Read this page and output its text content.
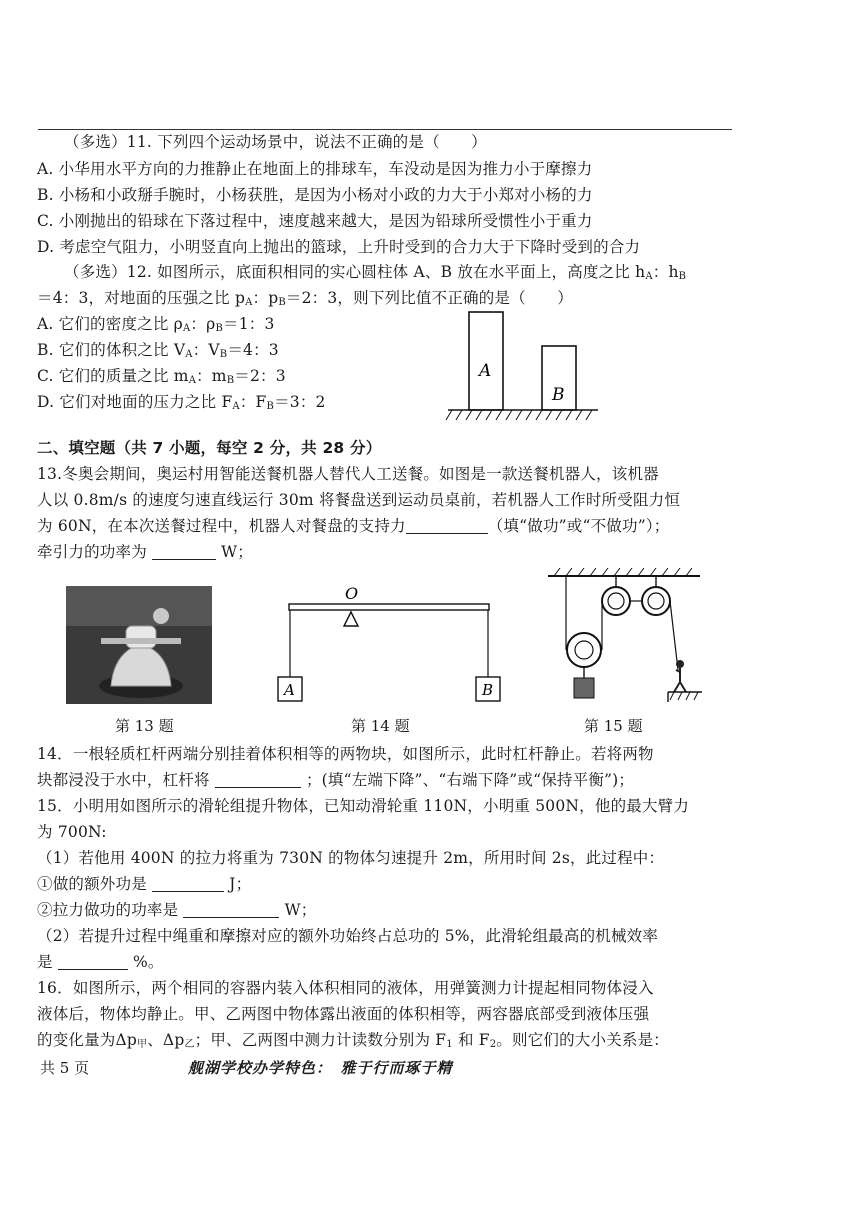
（多选）11. 下列四个运动场景中，说法不正确的是（　　）
A. 小华用水平方向的力推静止在地面上的排球车，车没动是因为推力小于摩擦力
B. 小杨和小政掰手腕时，小杨获胜，是因为小杨对小政的力大于小郑对小杨的力
C. 小刚抛出的铅球在下落过程中，速度越来越大，是因为铅球所受惯性小于重力
D. 考虑空气阻力，小明竖直向上抛出的篮球，上升时受到的合力大于下降时受到的合力
（多选）12. 如图所示，底面积相同的实心圆柱体 A、B 放在水平面上，高度之比 $h_A$：$h_B$
＝4：3，对地面的压强之比 $p_A$：$p_B=2$：3，则下列比值不正确的是（　　）
A. 它们的密度之比 $\rho_A$：$\rho_B=1$：3
B. 它们的体积之比 $V_A$：$V_B=4$：3
C. 它们的质量之比 $m_A$：$m_B=2$：3
D. 它们对地面的压力之比 $F_A$：$F_B=3$：2
A
B
二、填空题（共 7 小题，每空 2 分，共 28 分）
13.冬奥会期间，奥运村用智能送餐机器人替代人工送餐。如图是一款送餐机器人，该机器
人以 0.8m/s 的速度匀速直线运行 30m 将餐盘送到运动员桌前，若机器人工作时所受阻力恒
为 60N，在本次送餐过程中，机器人对餐盘的支持力	（填“做功”或“不做功”）；
牵引力的功率为	W；
第 13 题
O
A	B
第 14 题	第 15 题
14．一根轻质杠杆两端分别挂着体积相等的两物块，如图所示，此时杠杆静止。若将两物
块都浸没于水中，杠杆将	；(填“左端下降”、“右端下降”或“保持平衡”)；
15．小明用如图所示的滑轮组提升物体，已知动滑轮重 110N，小明重 500N，他的最大臂力
为 700N:
（1）若他用 400N 的拉力将重为 730N 的物体匀速提升 2m，所用时间 2s，此过程中：
①做的额外功是	J；
②拉力做功的功率是	W；
（2）若提升过程中绳重和摩擦对应的额外功始终占总功的 5%，此滑轮组最高的机械效率
是	%。
16．如图所示，两个相同的容器内装入体积相同的液体，用弹簧测力计提起相同物体浸入
液体后，物体均静止。甲、乙两图中物体露出液面的体积相等，两容器底部受到液体压强
的变化量为$\Delta p_甲$、$\Delta p_乙$；甲、乙两图中测力计读数分别为 $F_1$ 和 $F_2$。则它们的大小关系是：
共 5 页	舰湖学校办学特色：　雅于行而琢于精
